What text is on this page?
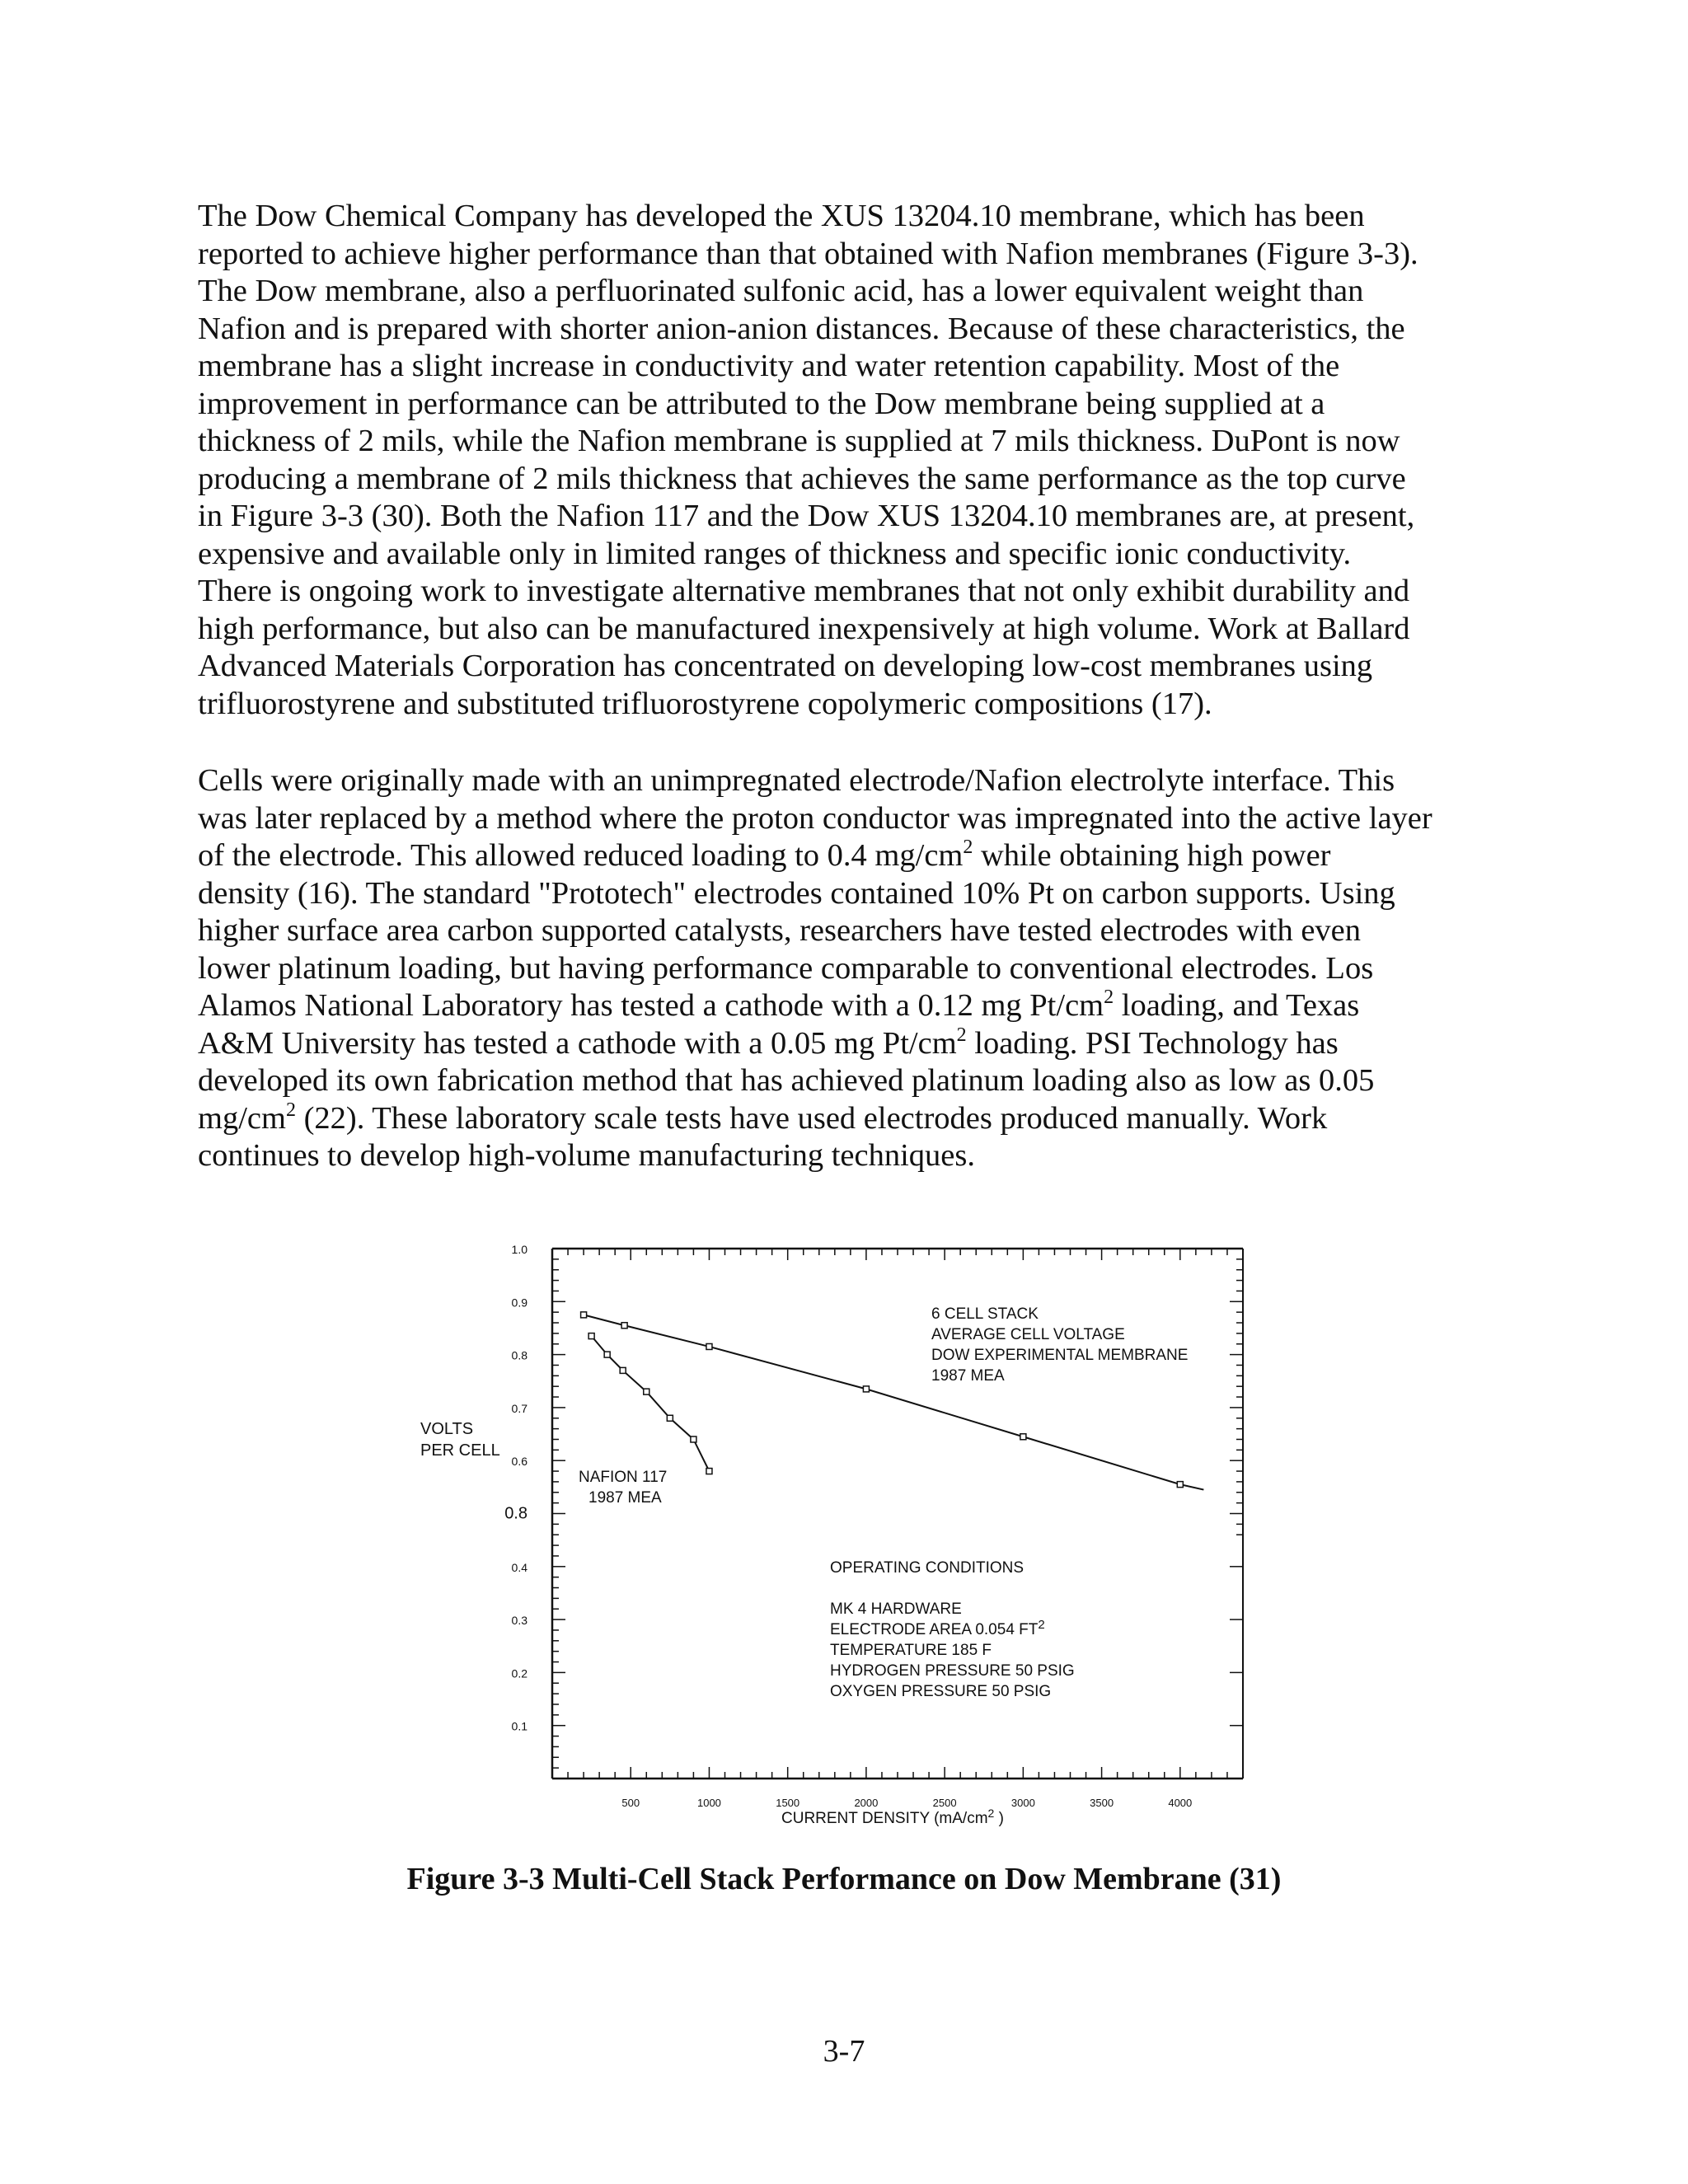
The Dow Chemical Company has developed the XUS 13204.10 membrane, which has been
reported to achieve higher performance than that obtained with Nafion membranes (Figure 3-3).
The Dow membrane, also a perfluorinated sulfonic acid, has a lower equivalent weight than
Nafion and is prepared with shorter anion-anion distances. Because of these characteristics, the
membrane has a slight increase in conductivity and water retention capability. Most of the
improvement in performance can be attributed to the Dow membrane being supplied at a
thickness of 2 mils, while the Nafion membrane is supplied at 7 mils thickness. DuPont is now
producing a membrane of 2 mils thickness that achieves the same performance as the top curve
in Figure 3-3 (30). Both the Nafion 117 and the Dow XUS 13204.10 membranes are, at present,
expensive and available only in limited ranges of thickness and specific ionic conductivity.
There is ongoing work to investigate alternative membranes that not only exhibit durability and
high performance, but also can be manufactured inexpensively at high volume. Work at Ballard
Advanced Materials Corporation has concentrated on developing low-cost membranes using
trifluorostyrene and substituted trifluorostyrene copolymeric compositions (17).
Cells were originally made with an unimpregnated electrode/Nafion electrolyte interface. This
was later replaced by a method where the proton conductor was impregnated into the active layer
of the electrode. This allowed reduced loading to 0.4 $mg/cm^2$ while obtaining high power
density (16). The standard "Prototech" electrodes contained 10% Pt on carbon supports. Using
higher surface area carbon supported catalysts, researchers have tested electrodes with even
lower platinum loading, but having performance comparable to conventional electrodes. Los
Alamos National Laboratory has tested a cathode with a 0.12 mg $Pt/cm^2$ loading, and Texas
A&M University has tested a cathode with a 0.05 mg $Pt/cm^2$ loading. PSI Technology has
developed its own fabrication method that has achieved platinum loading also as low as 0.05
$mg/cm^2$ (22). These laboratory scale tests have used electrodes produced manually. Work
continues to develop high-volume manufacturing techniques.
1.0
0.9
0.8
0.7
0.6
0.8
0.4
0.3
0.2
0.1
500	1000	1500	2000	2500	3000	3500	4000
VOLTS
PER CELL
CURRENT DENSITY ($mA/cm^2$ )
6 CELL STACK
AVERAGE CELL VOLTAGE
DOW EXPERIMENTAL MEMBRANE
1987 MEA
NAFION 117
1987 MEA
OPERATING CONDITIONS
MK 4 HARDWARE
ELECTRODE AREA 0.054 $FT^2$
TEMPERATURE 185 F
HYDROGEN PRESSURE 50 PSIG
OXYGEN PRESSURE 50 PSIG
Figure 3-3 Multi-Cell Stack Performance on Dow Membrane (31)
3-7
